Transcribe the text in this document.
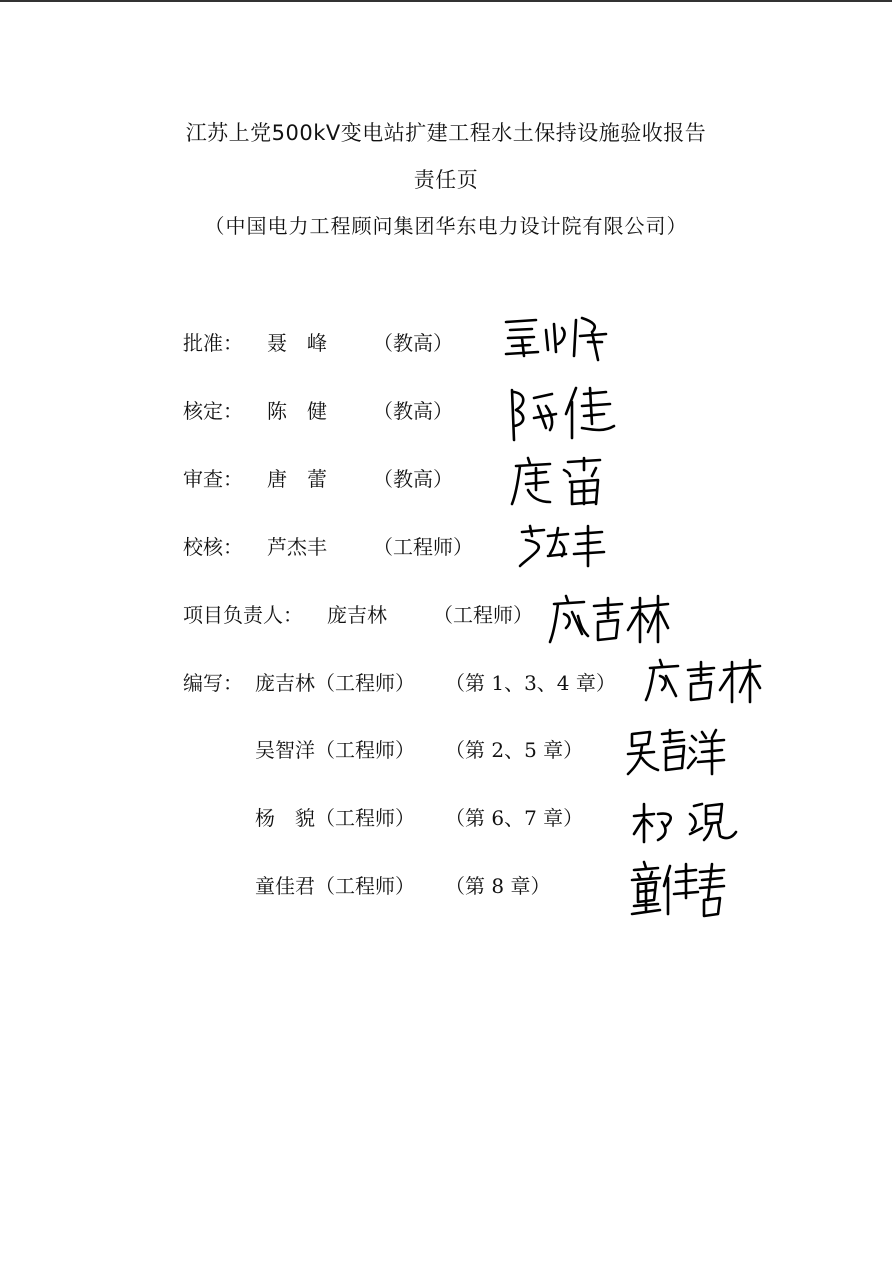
江苏上党500kV变电站扩建工程水土保持设施验收报告
责任页
（中国电力工程顾问集团华东电力设计院有限公司）
批准： 聂　峰 （教高）
核定： 陈　健 （教高）
审查： 唐　蕾 （教高）
校核： 芦杰丰 （工程师）
项目负责人： 庞吉林 （工程师）
编写： 庞吉林 （工程师） （第 1、3、4 章）
吴智洋 （工程师） （第 2、5 章）
杨　貌 （工程师） （第 6、7 章）
童佳君 （工程师） （第 8 章）
